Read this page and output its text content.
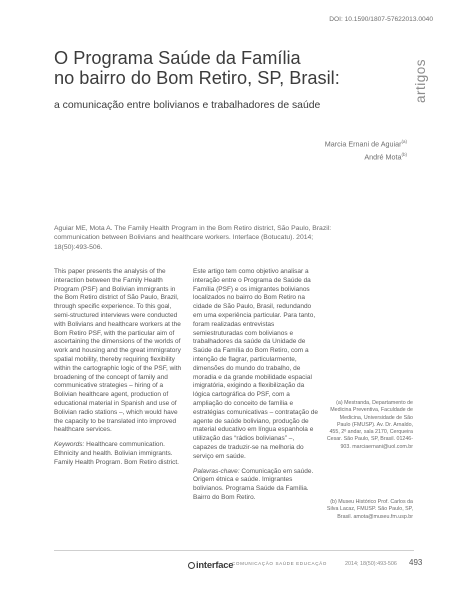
DOI: 10.1590/1807-57622013.0040
artigos
O Programa Saúde da Família
no bairro do Bom Retiro, SP, Brasil:
a comunicação entre bolivianos e trabalhadores de saúde
Marcia Ernani de Aguiar$^{(a)}$
André Mota$^{(b)}$
Aguiar ME, Mota A. The Family Health Program in the Bom Retiro district, São Paulo, Brazil: communication between Bolivians and healthcare workers. Interface (Botucatu). 2014; 18(50):493-506.

This paper presents the analysis of the interaction between the Family Health Program (PSF) and Bolivian immigrants in the Bom Retiro district of São Paulo, Brazil, through specific experience. To this goal, semi-structured interviews were conducted with Bolivians and healthcare workers at the Bom Retiro PSF, with the particular aim of ascertaining the dimensions of the worlds of work and housing and the great immigratory spatial mobility, thereby requiring flexibility within the cartographic logic of the PSF, with broadening of the concept of family and communicative strategies – hiring of a Bolivian healthcare agent, production of educational material in Spanish and use of Bolivian radio stations –, which would have the capacity to be translated into improved healthcare services.

Keywords: Healthcare communication. Ethnicity and health. Bolivian immigrants. Family Health Program. Bom Retiro district.

Este artigo tem como objetivo analisar a interação entre o Programa de Saúde da Família (PSF) e os imigrantes bolivianos localizados no bairro do Bom Retiro na cidade de São Paulo, Brasil, redundando em uma experiência particular. Para tanto, foram realizadas entrevistas semiestruturadas com bolivianos e trabalhadores da saúde da Unidade de Saúde da Família do Bom Retiro, com a intenção de flagrar, particularmente, dimensões do mundo do trabalho, de moradia e da grande mobilidade espacial imigratória, exigindo a flexibilização da lógica cartográfica do PSF, com a ampliação do conceito de família e estratégias comunicativas – contratação de agente de saúde boliviano, produção de material educativo em língua espanhola e utilização das “rádios bolivianas” –, capazes de traduzir-se na melhoria do serviço em saúde.

Palavras-chave: Comunicação em saúde. Origem étnica e saúde. Imigrantes bolivianos. Programa Saúde da Família. Bairro do Bom Retiro.

(a) Mestranda, Departamento de Medicina Preventiva, Faculdade de Medicina, Universidade de São Paulo (FMUSP). Av. Dr. Arnaldo, 455, 2º andar, sala 2170, Cerqueira Cesar. São Paulo, SP, Brasil. 01246-903. marciaernani@uol.com.br
(b) Museu Histórico Prof. Carlos da Silva Lacaz, FMUSP. São Paulo, SP, Brasil. amota@museu.fm.usp.br
interface
COMUNICAÇÃO SAÚDE EDUCAÇÃO	2014; 18(50):493-506 493
